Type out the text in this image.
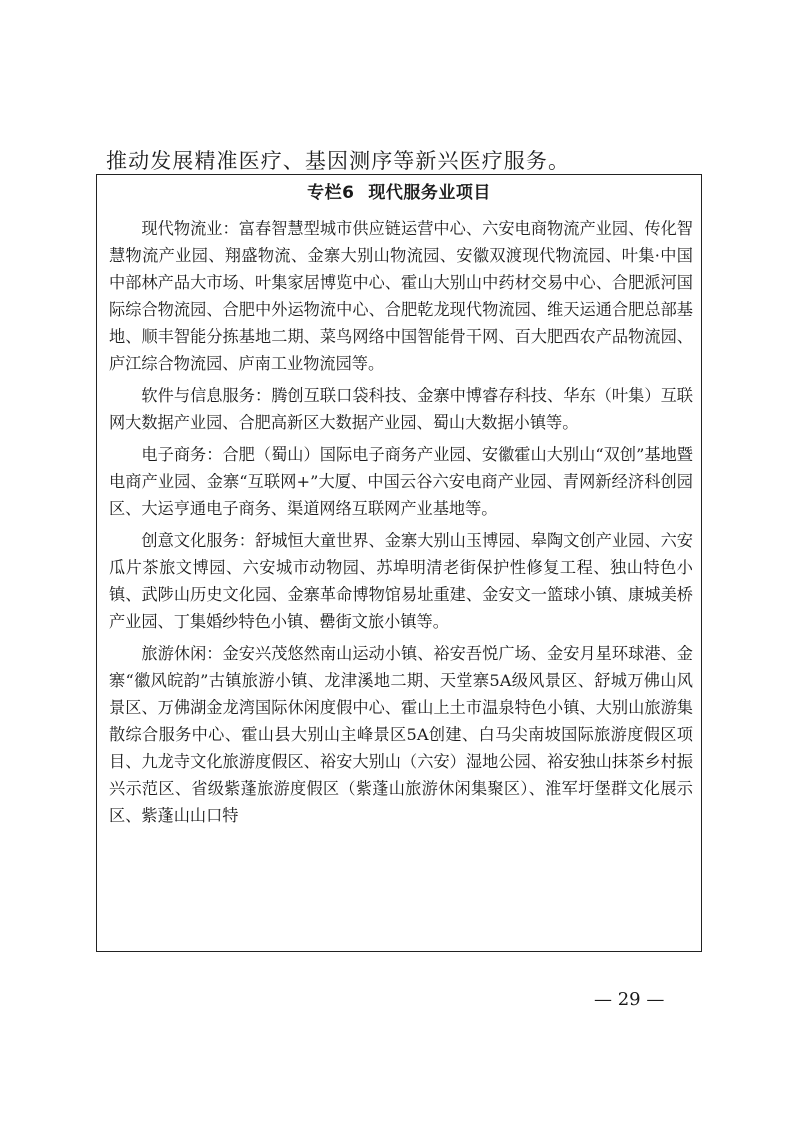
推动发展精准医疗、基因测序等新兴医疗服务。
专栏6 现代服务业项目

现代物流业：富春智慧型城市供应链运营中心、六安电商物流产业园、传化智慧物流产业园、翔盛物流、金寨大别山物流园、安徽双渡现代物流园、叶集·中国中部林产品大市场、叶集家居博览中心、霍山大别山中药材交易中心、合肥派河国际综合物流园、合肥中外运物流中心、合肥乾龙现代物流园、维天运通合肥总部基地、顺丰智能分拣基地二期、菜鸟网络中国智能骨干网、百大肥西农产品物流园、庐江综合物流园、庐南工业物流园等。

软件与信息服务：腾创互联口袋科技、金寨中博睿存科技、华东（叶集）互联网大数据产业园、合肥高新区大数据产业园、蜀山大数据小镇等。

电子商务：合肥（蜀山）国际电子商务产业园、安徽霍山大别山“双创”基地暨电商产业园、金寨“互联网+”大厦、中国云谷六安电商产业园、青网新经济科创园区、大运亨通电子商务、渠道网络互联网产业基地等。

创意文化服务：舒城恒大童世界、金寨大别山玉博园、皋陶文创产业园、六安瓜片茶旅文博园、六安城市动物园、苏埠明清老街保护性修复工程、独山特色小镇、武陟山历史文化园、金寨革命博物馆易址重建、金安文一篮球小镇、康城美桥产业园、丁集婚纱特色小镇、罍街文旅小镇等。

旅游休闲：金安兴茂悠然南山运动小镇、裕安吾悦广场、金安月星环球港、金寨“徽风皖韵”古镇旅游小镇、龙津溪地二期、天堂寨5A级风景区、舒城万佛山风景区、万佛湖金龙湾国际休闲度假中心、霍山上土市温泉特色小镇、大别山旅游集散综合服务中心、霍山县大别山主峰景区5A创建、白马尖南坡国际旅游度假区项目、九龙寺文化旅游度假区、裕安大别山（六安）湿地公园、裕安独山抹茶乡村振兴示范区、省级紫蓬旅游度假区（紫蓬山旅游休闲集聚区）、淮军圩堡群文化展示区、紫蓬山山口特

— 29 —
